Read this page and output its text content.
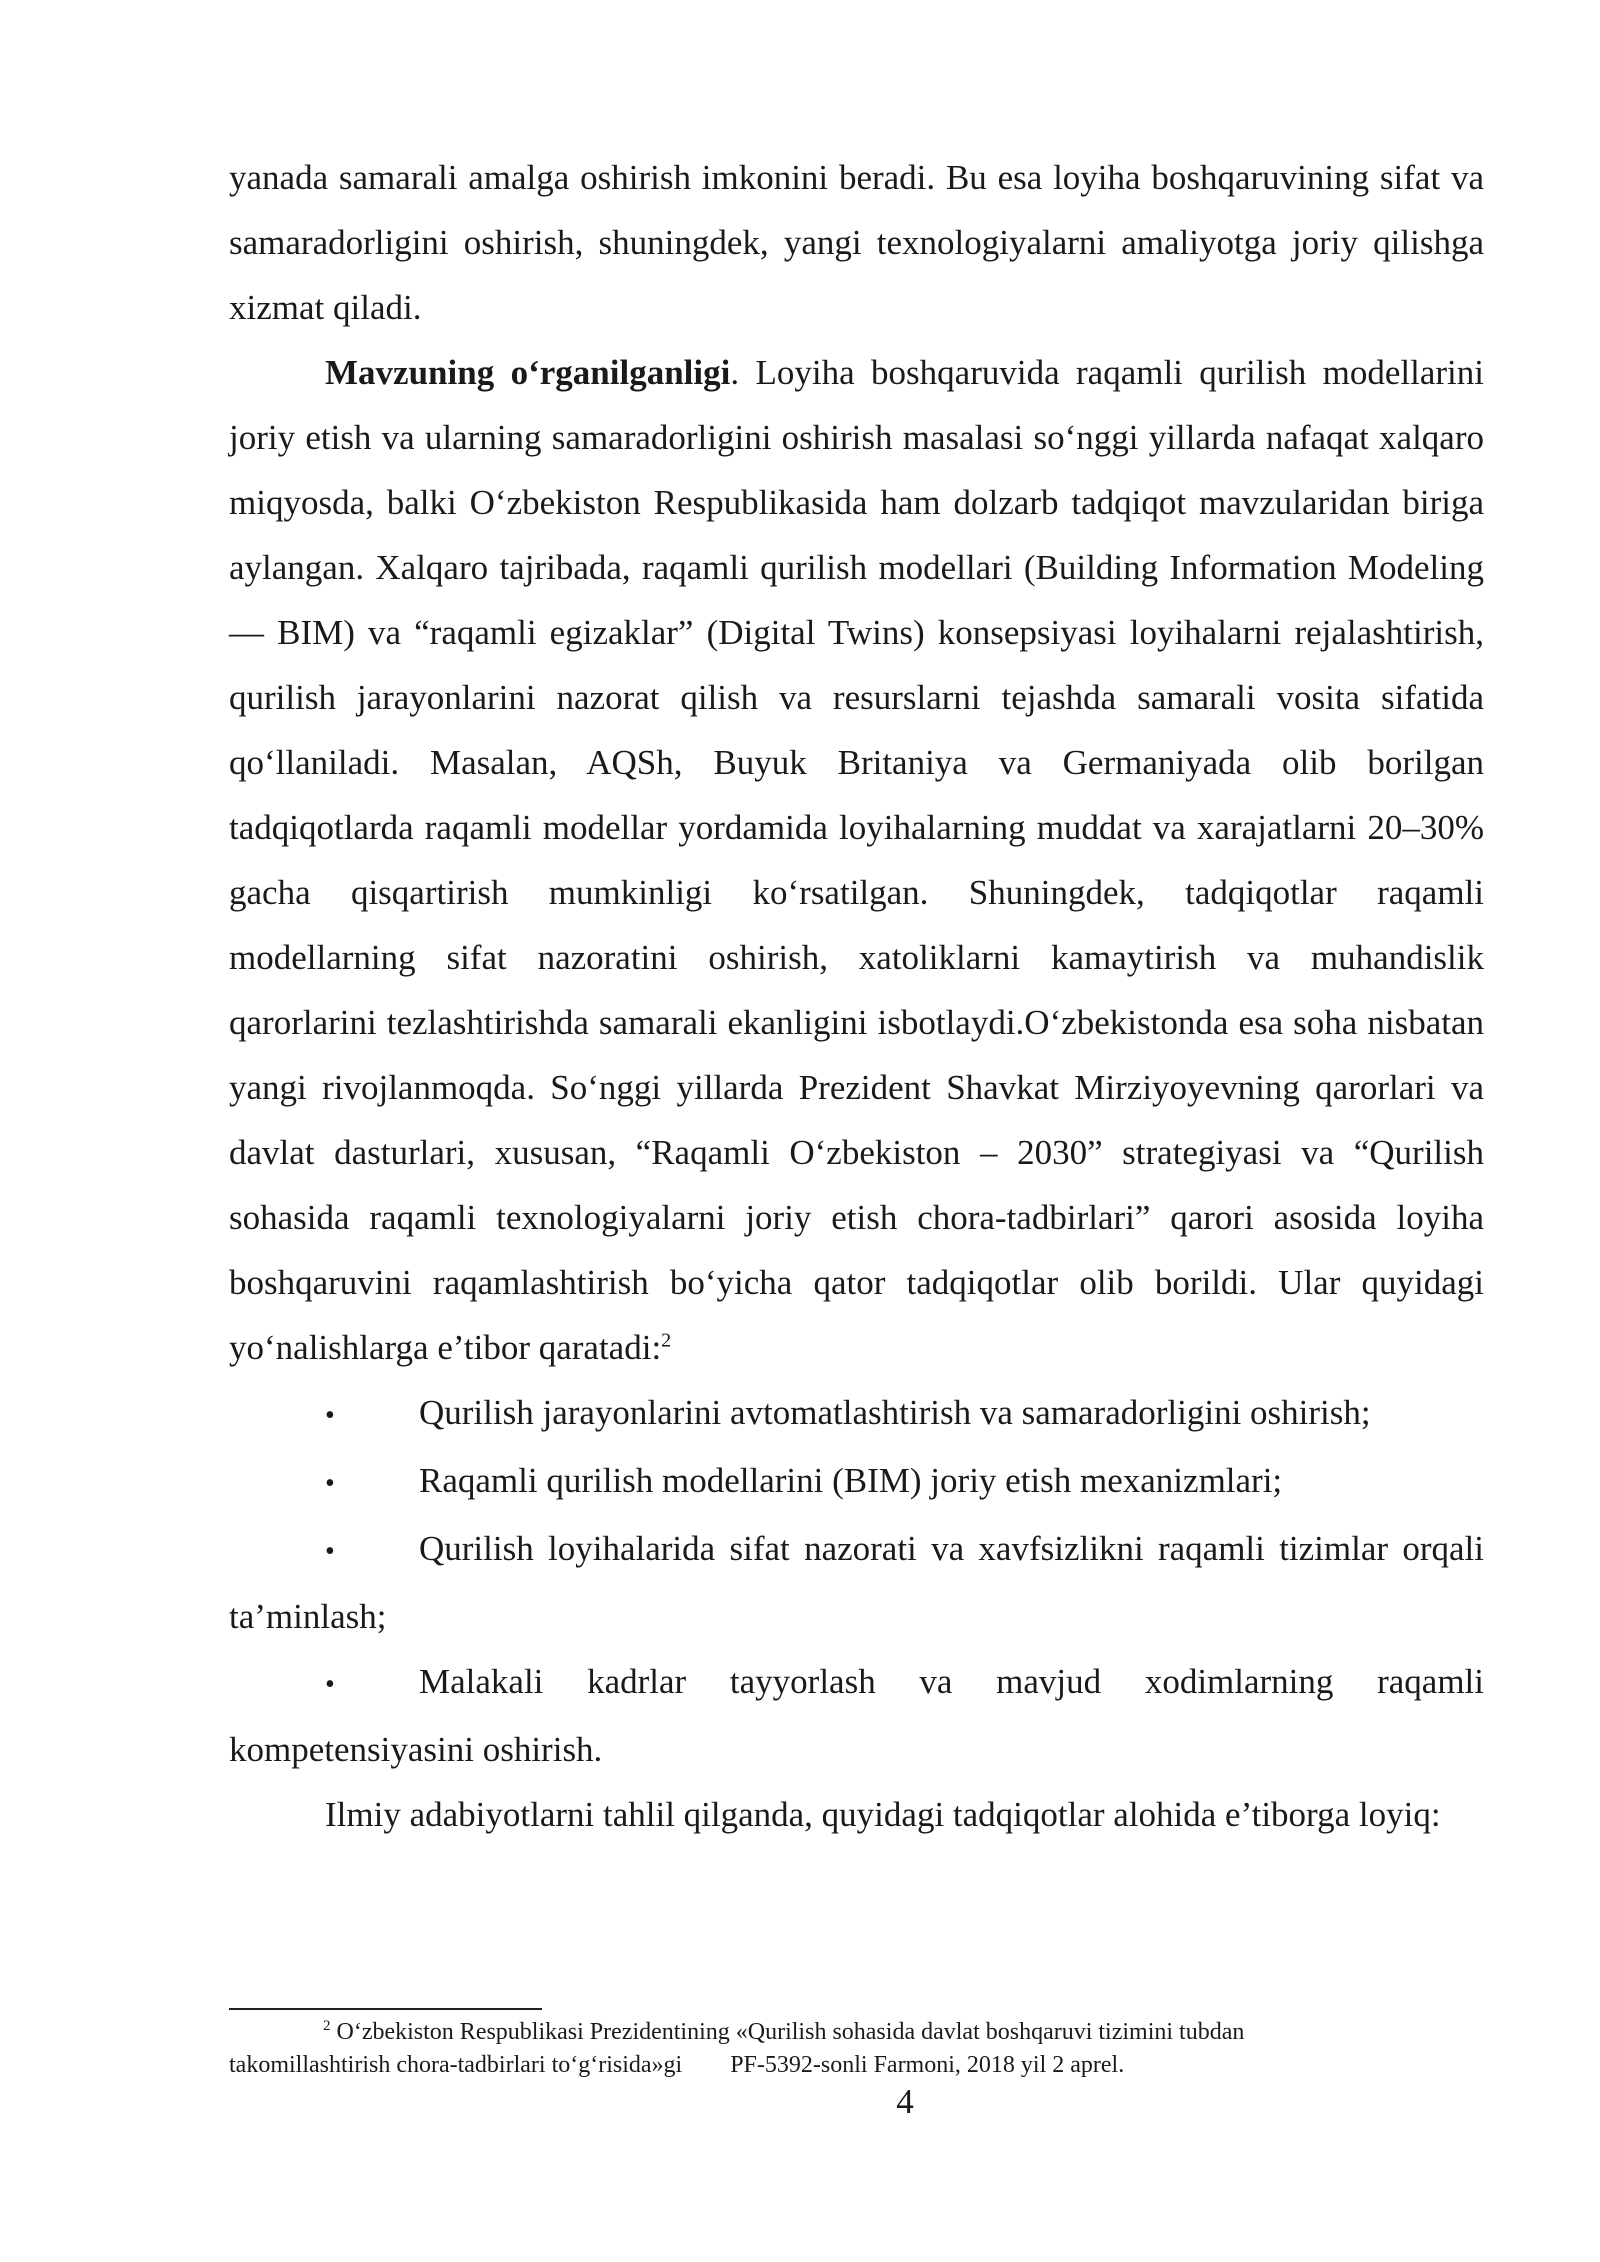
yanada samarali amalga oshirish imkonini beradi. Bu esa loyiha boshqaruvining sifat va samaradorligini oshirish, shuningdek, yangi texnologiyalarni amaliyotga joriy qilishga xizmat qiladi.

Mavzuning o‘rganilganligi. Loyiha boshqaruvida raqamli qurilish modellarini joriy etish va ularning samaradorligini oshirish masalasi so‘nggi yillarda nafaqat xalqaro miqyosda, balki O‘zbekiston Respublikasida ham dolzarb tadqiqot mavzularidan biriga aylangan. Xalqaro tajribada, raqamli qurilish modellari (Building Information Modeling — BIM) va “raqamli egizaklar” (Digital Twins) konsepsiyasi loyihalarni rejalashtirish, qurilish jarayonlarini nazorat qilish va resurslarni tejashda samarali vosita sifatida qo‘llaniladi. Masalan, AQSh, Buyuk Britaniya va Germaniyada olib borilgan tadqiqotlarda raqamli modellar yordamida loyihalarning muddat va xarajatlarni 20–30% gacha qisqartirish mumkinligi ko‘rsatilgan. Shuningdek, tadqiqotlar raqamli modellarning sifat nazoratini oshirish, xatoliklarni kamaytirish va muhandislik qarorlarini tezlashtirishda samarali ekanligini isbotlaydi.O‘zbekistonda esa soha nisbatan yangi rivojlanmoqda. So‘nggi yillarda Prezident Shavkat Mirziyoyevning qarorlari va davlat dasturlari, xususan, “Raqamli O‘zbekiston – 2030” strategiyasi va “Qurilish sohasida raqamli texnologiyalarni joriy etish chora-tadbirlari” qarori asosida loyiha boshqaruvini raqamlashtirish bo‘yicha qator tadqiqotlar olib borildi. Ular quyidagi yo‘nalishlarga e’tibor qaratadi:$^2$

• Qurilish jarayonlarini avtomatlashtirish va samaradorligini oshirish;
• Raqamli qurilish modellarini (BIM) joriy etish mexanizmlari;
• Qurilish loyihalarida sifat nazorati va xavfsizlikni raqamli tizimlar orqali ta’minlash;
• Malakali kadrlar tayyorlash va mavjud xodimlarning raqamli kompetensiyasini oshirish.

Ilmiy adabiyotlarni tahlil qilganda, quyidagi tadqiqotlar alohida e’tiborga loyiq:

$^2$ O‘zbekiston Respublikasi Prezidentining «Qurilish sohasida davlat boshqaruvi tizimini tubdan
takomillashtirish chora-tadbirlari to‘g‘risida»gi        PF-5392-sonli Farmoni, 2018 yil 2 aprel.
4
